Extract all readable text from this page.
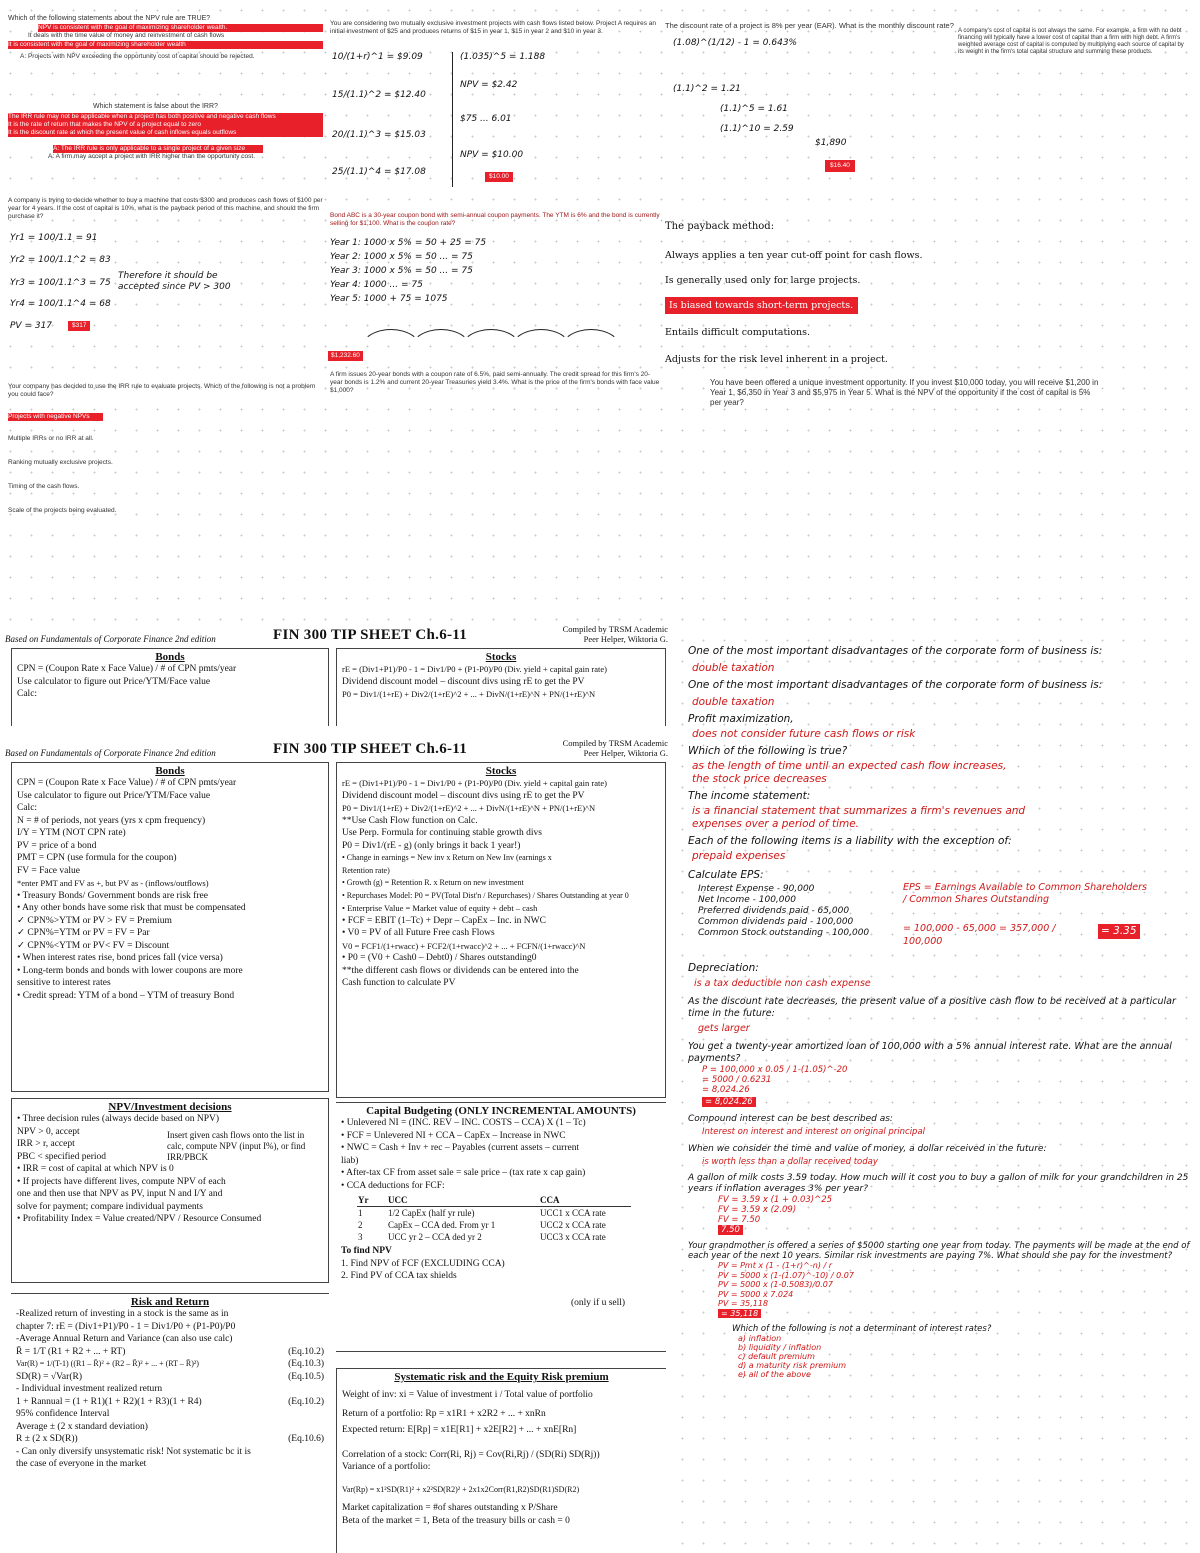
Which of the following statements about the NPV rule are TRUE?
NPV is consistent with the goal of maximizing shareholder wealth.
It deals with the time value of money and reinvestment of cash flows
It is consistent with the goal of maximizing shareholder wealth
A: Projects with NPV exceeding the opportunity cost of capital should be rejected.
Which statement is false about the IRR?
The IRR rule may not be applicable when a project has both positive and negative cash flows
It is the rate of return that makes the NPV of a project equal to zero
It is the discount rate at which the present value of cash inflows equals outflows
A: The IRR rule is only applicable to a single project of a given size
A: A firm may accept a project with IRR higher than the opportunity cost.
A company is trying to decide whether to buy a machine that costs $300 and produces cash flows of $100 per year for 4 years. If the cost of capital is 10%, what is the payback period of this machine, and should the firm purchase it?
Yr1 = 100/1.1 = 91
Yr2 = 100/1.1^2 = 83
Yr3 = 100/1.1^3 = 75
Yr4 = 100/1.1^4 = 68
PV = 317
Therefore it should be accepted since PV > 300
$317
Your company has decided to use the IRR rule to evaluate projects. Which of the following is not a problem you could face?
Projects with negative NPVs
Multiple IRRs or no IRR at all.
Ranking mutually exclusive projects.
Timing of the cash flows.
Scale of the projects being evaluated.
You are considering two mutually exclusive investment projects with cash flows listed below. Project A requires an initial investment of $25 and produces returns of $15 in year 1, $15 in year 2 and $10 in year 3.
10/(1+r)^1 = $9.09
15/(1.1)^2 = $12.40
20/(1.1)^3 = $15.03
25/(1.1)^4 = $17.08
(1.035)^5 = 1.188
NPV = $2.42
$75 ... 6.01
NPV = $10.00
$10.00
Bond ABC is a 30-year coupon bond with semi-annual coupon payments. The YTM is 6% and the bond is currently selling for $1,100. What is the coupon rate?
Year 1: 1000 x 5% = 50 + 25 = 75
Year 2: 1000 x 5% = 50 ... = 75
Year 3: 1000 x 5% = 50 ... = 75
Year 4: 1000 ... = 75
Year 5: 1000 + 75 = 1075
$1,232.60
A firm issues 20-year bonds with a coupon rate of 6.5%, paid semi-annually. The credit spread for this firm's 20-year bonds is 1.2% and current 20-year Treasuries yield 3.4%. What is the price of the firm's bonds with face value $1,000?
The discount rate of a project is 8% per year (EAR). What is the monthly discount rate?
(1.08)^(1/12) - 1 = 0.643%
(1.1)^2 = 1.21
(1.1)^5 = 1.61
(1.1)^10 = 2.59
$1,890
$16.40
The payback method:
Always applies a ten year cut-off point for cash flows.
Is generally used only for large projects.
Is biased towards short-term projects.
Entails difficult computations.
Adjusts for the risk level inherent in a project.
You have been offered a unique investment opportunity. If you invest $10,000 today, you will receive $1,200 in Year 1, $6,350 in Year 3 and $5,975 in Year 5. What is the NPV of the opportunity if the cost of capital is 5% per year?
A company's cost of capital is not always the same. For example, a firm with no debt financing will typically have a lower cost of capital than a firm with high debt. A firm's weighted average cost of capital is computed by multiplying each source of capital by its weight in the firm's total capital structure and summing these products.
Based on Fundamentals of Corporate Finance 2nd edition	FIN 300 TIP SHEET Ch.6-11	Compiled by TRSM Academic
Peer Helper, Wiktoria G.
Bonds
CPN = (Coupon Rate x Face Value) / # of CPN pmts/year
Use calculator to figure out Price/YTM/Face value
Calc:
N = # of periods, not years (yrs x cpm frequency)
I/Y = YTM (NOT CPN rate)
PV = price of a bond
PMT = CPN (use formula for the coupon)
FV = Face value
*enter PMT and FV as +, but PV as - (inflows/outflows)
• Treasury Bonds/ Government bonds are risk free
• Any other bonds have some risk that must be compensated
✓ CPN%>YTM or PV > FV = Premium
✓ CPN%=YTM or PV = FV = Par
✓ CPN%<YTM or PV< FV = Discount
• When interest rates rise, bond prices fall (vice versa)
• Long-term bonds and bonds with lower coupons are more
sensitive to interest rates
• Credit spread: YTM of a bond – YTM of treasury Bond
Stocks
rE = (Div1+P1)/P0 - 1 = Div1/P0 + (P1-P0)/P0 (Div. yield + capital gain rate)
Dividend discount model – discount divs using rE to get the PV
P0 = Div1/(1+rE) + Div2/(1+rE)^2 + ... + DivN/(1+rE)^N + PN/(1+rE)^N
**Use Cash Flow function on Calc.
Use Perp. Formula for continuing stable growth divs
P0 = Div1/(rE - g) (only brings it back 1 year!)
• Change in earnings = New inv x Return on New Inv (earnings x
Retention rate)
• Growth (g) = Retention R. x Return on new investment
• Repurchases Model: P0 = PV(Total Dist'n / Repurchases) / Shares Outstanding at year 0
• Enterprise Value = Market value of equity + debt – cash
• FCF = EBIT (1–Tc) + Depr – CapEx – Inc. in NWC
• V0 = PV of all Future Free cash Flows
V0 = FCF1/(1+rwacc) + FCF2/(1+rwacc)^2 + ... + FCFN/(1+rwacc)^N
• P0 = (V0 + Cash0 – Debt0) / Shares outstanding0
**the different cash flows or dividends can be entered into the
Cash function to calculate PV
NPV/Investment decisions
• Three decision rules (always decide based on NPV)
NPV > 0, accept
IRR > r, accept
PBC < specified period
Insert given cash flows onto the list in calc, compute NPV (input I%), or find IRR/PBCK
• IRR = cost of capital at which NPV is 0
• If projects have different lives, compute NPV of each
one and then use that NPV as PV, input N and I/Y and
solve for payment; compare individual payments
• Profitability Index = Value created/NPV / Resource Consumed
Capital Budgeting (ONLY INCREMENTAL AMOUNTS)
• Unlevered NI = (INC. REV – INC. COSTS – CCA) X (1 – Tc)
• FCF = Unlevered NI + CCA – CapEx – Increase in NWC
• NWC = Cash + Inv + rec – Payables (current assets – current
liab)
• After-tax CF from asset sale = sale price – (tax rate x cap gain)
• CCA deductions for FCF:
Yr	UCC	CCA
1	1/2 CapEx (half yr rule)	UCC1 x CCA rate
2	CapEx – CCA ded. From yr 1	UCC2 x CCA rate
3	UCC yr 2 – CCA ded yr 2	UCC3 x CCA rate
To find NPV
1. Find NPV of FCF (EXCLUDING CCA)
2. Find PV of CCA tax shields
(only if u sell)
Risk and Return
-Realized return of investing in a stock is the same as in
chapter 7: rE = (Div1+P1)/P0 - 1 = Div1/P0 + (P1-P0)/P0
-Average Annual Return and Variance (can also use calc)
R̄ = 1/T (R1 + R2 + ... + RT)	(Eq.10.2)
Var(R) = 1/(T-1) ((R1 – R̄)² + (R2 – R̄)² + ... + (RT – R̄)²)	(Eq.10.3)
SD(R) = √Var(R)	(Eq.10.5)
- Individual investment realized return
1 + Rannual = (1 + R1)(1 + R2)(1 + R3)(1 + R4)	(Eq.10.2)
95% confidence Interval
Average ± (2 x standard deviation)
R ± (2 x SD(R))	(Eq.10.6)
- Can only diversify unsystematic risk! Not systematic bc it is
the case of everyone in the market
Systematic risk and the Equity Risk premium
Weight of inv: xi = Value of investment i / Total value of portfolio
Return of a portfolio: Rp = x1R1 + x2R2 + ... + xnRn
Expected return: E[Rp] = x1E[R1] + x2E[R2] + ... + xnE[Rn]
Correlation of a stock: Corr(Ri, Rj) = Cov(Ri,Rj) / (SD(Ri) SD(Rj))
Variance of a portfolio:
Var(Rp) = x1²SD(R1)² + x2²SD(R2)² + 2x1x2Corr(R1,R2)SD(R1)SD(R2)
Market capitalization = #of shares outstanding x P/Share
Beta of the market = 1, Beta of the treasury bills or cash = 0
Based on Fundamentals of Corporate Finance 2nd edition	FIN 300 TIP SHEET Ch.6-11	Compiled by TRSM Academic
Peer Helper, Wiktoria G.
Bonds
CPN = (Coupon Rate x Face Value) / # of CPN pmts/year
Use calculator to figure out Price/YTM/Face value
Calc:
Stocks
rE = (Div1+P1)/P0 - 1 = Div1/P0 + (P1-P0)/P0 (Div. yield + capital gain rate)
Dividend discount model – discount divs using rE to get the PV
P0 = Div1/(1+rE) + Div2/(1+rE)^2 + ... + DivN/(1+rE)^N + PN/(1+rE)^N
One of the most important disadvantages of the corporate form of business is:
double taxation
One of the most important disadvantages of the corporate form of business is:
double taxation
Profit maximization,
does not consider future cash flows or risk
Which of the following is true?
as the length of time until an expected cash flow increases, the stock price decreases
The income statement:
is a financial statement that summarizes a firm's revenues and expenses over a period of time.
Each of the following items is a liability with the exception of:
prepaid expenses
Calculate EPS:
Interest Expense - 90,000
Net Income - 100,000
Preferred dividends paid - 65,000
Common dividends paid - 100,000
Common Stock outstanding - 100,000
EPS = Earnings Available to Common Shareholders / Common Shares Outstanding
= 100,000 - 65,000 = 357,000 / 100,000
= 3.35
Depreciation:
is a tax deductible non cash expense
As the discount rate decreases, the present value of a positive cash flow to be received at a particular time in the future:
gets larger
You get a twenty-year amortized loan of 100,000 with a 5% annual interest rate. What are the annual payments?
P = 100,000 x 0.05 / 1-(1.05)^-20
= 5000 / 0.6231
= 8,024.26
= 8,024.26
Compound interest can be best described as:
Interest on interest and interest on original principal
When we consider the time and value of money, a dollar received in the future:
is worth less than a dollar received today
A gallon of milk costs 3.59 today. How much will it cost you to buy a gallon of milk for your grandchildren in 25 years if inflation averages 3% per year?
FV = 3.59 x (1 + 0.03)^25
FV = 3.59 x (2.09)
FV = 7.50
7.50
Your grandmother is offered a series of $5000 starting one year from today. The payments will be made at the end of each year of the next 10 years. Similar risk investments are paying 7%. What should she pay for the investment?
PV = Pmt x (1 - (1+r)^-n) / r
PV = 5000 x (1-(1.07)^-10) / 0.07
PV = 5000 x (1-0.5083)/0.07
PV = 5000 x 7.024
PV = 35,118
= 35,118
Which of the following is not a determinant of interest rates?
a) inflation
b) liquidity / inflation
c) default premium
d) a maturity risk premium
e) all of the above
